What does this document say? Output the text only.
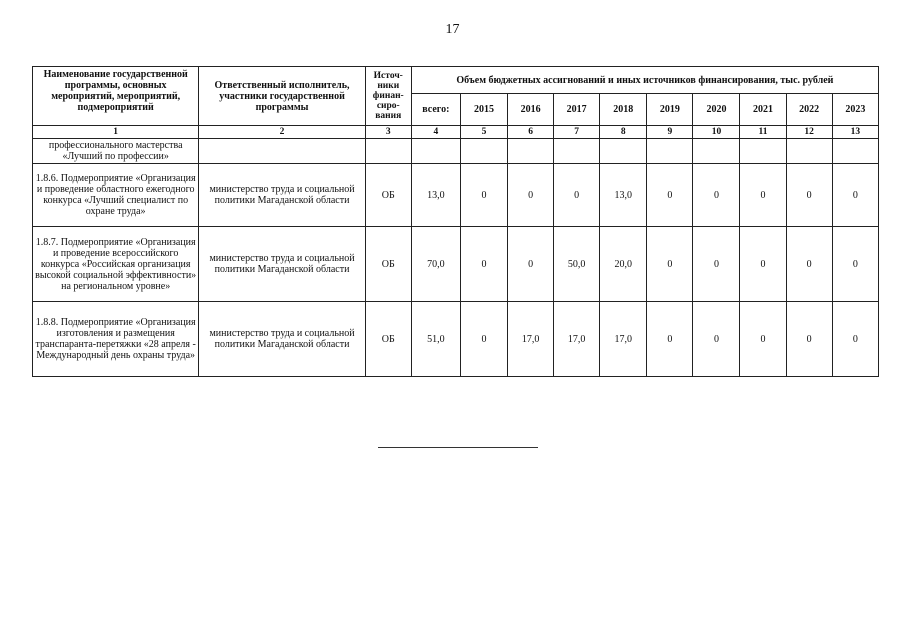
17
Наименование государственной программы, основных мероприятий, мероприятий, подмероприятий	Ответственный исполнитель, участники государственной программы	Источ-ники финан-сиро-вания	Объем бюджетных ассигнований и иных источников финансирования, тыс. рублей									
			всего:	2015	2016	2017	2018	2019	2020	2021	2022	2023
1	2	3	4	5	6	7	8	9	10	11	12	13
профессионального мастерства «Лучший по профессии»												
1.8.6. Подмероприятие «Организация и проведение областного ежегодного конкурса «Лучший специалист по охране труда»	министерство труда и социальной политики Магаданской области	ОБ	13,0	0	0	0	13,0	0	0	0	0	0
1.8.7. Подмероприятие «Организация и проведение всероссийского конкурса «Российская организация высокой социальной эффективности» на региональном уровне»	министерство труда и социальной политики Магаданской области	ОБ	70,0	0	0	50,0	20,0	0	0	0	0	0
1.8.8. Подмероприятие «Организация изготовления и размещения транспаранта-перетяжки «28 апреля - Международный день охраны труда»	министерство труда и социальной политики Магаданской области	ОБ	51,0	0	17,0	17,0	17,0	0	0	0	0	0
